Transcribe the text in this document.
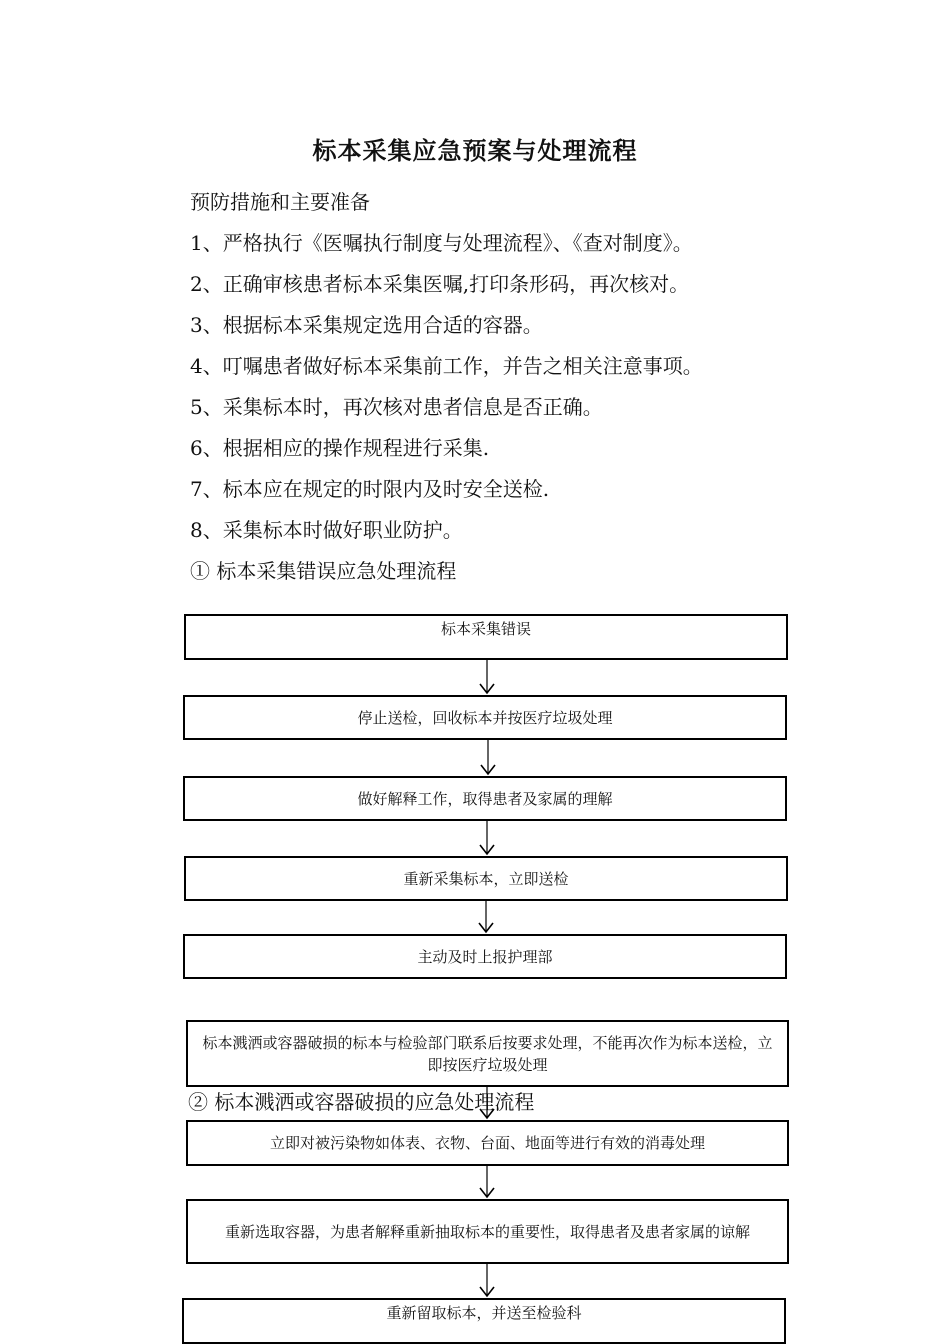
标本采集应急预案与处理流程
预防措施和主要准备
1、严格执行《医嘱执行制度与处理流程》、《查对制度》。
2、正确审核患者标本采集医嘱,打印条形码，再次核对。
3、根据标本采集规定选用合适的容器。
4、叮嘱患者做好标本采集前工作，并告之相关注意事项。
5、采集标本时，再次核对患者信息是否正确。
6、根据相应的操作规程进行采集.
7、标本应在规定的时限内及时安全送检.
8、采集标本时做好职业防护。
① 标本采集错误应急处理流程
标本采集错误
停止送检，回收标本并按医疗垃圾处理
做好解释工作，取得患者及家属的理解
重新采集标本，立即送检
主动及时上报护理部
标本溅洒或容器破损的标本与检验部门联系后按要求处理，不能再次作为标本送检，立即按医疗垃圾处理
② 标本溅洒或容器破损的应急处理流程
立即对被污染物如体表、衣物、台面、地面等进行有效的消毒处理
重新选取容器，为患者解释重新抽取标本的重要性，取得患者及患者家属的谅解
重新留取标本，并送至检验科
